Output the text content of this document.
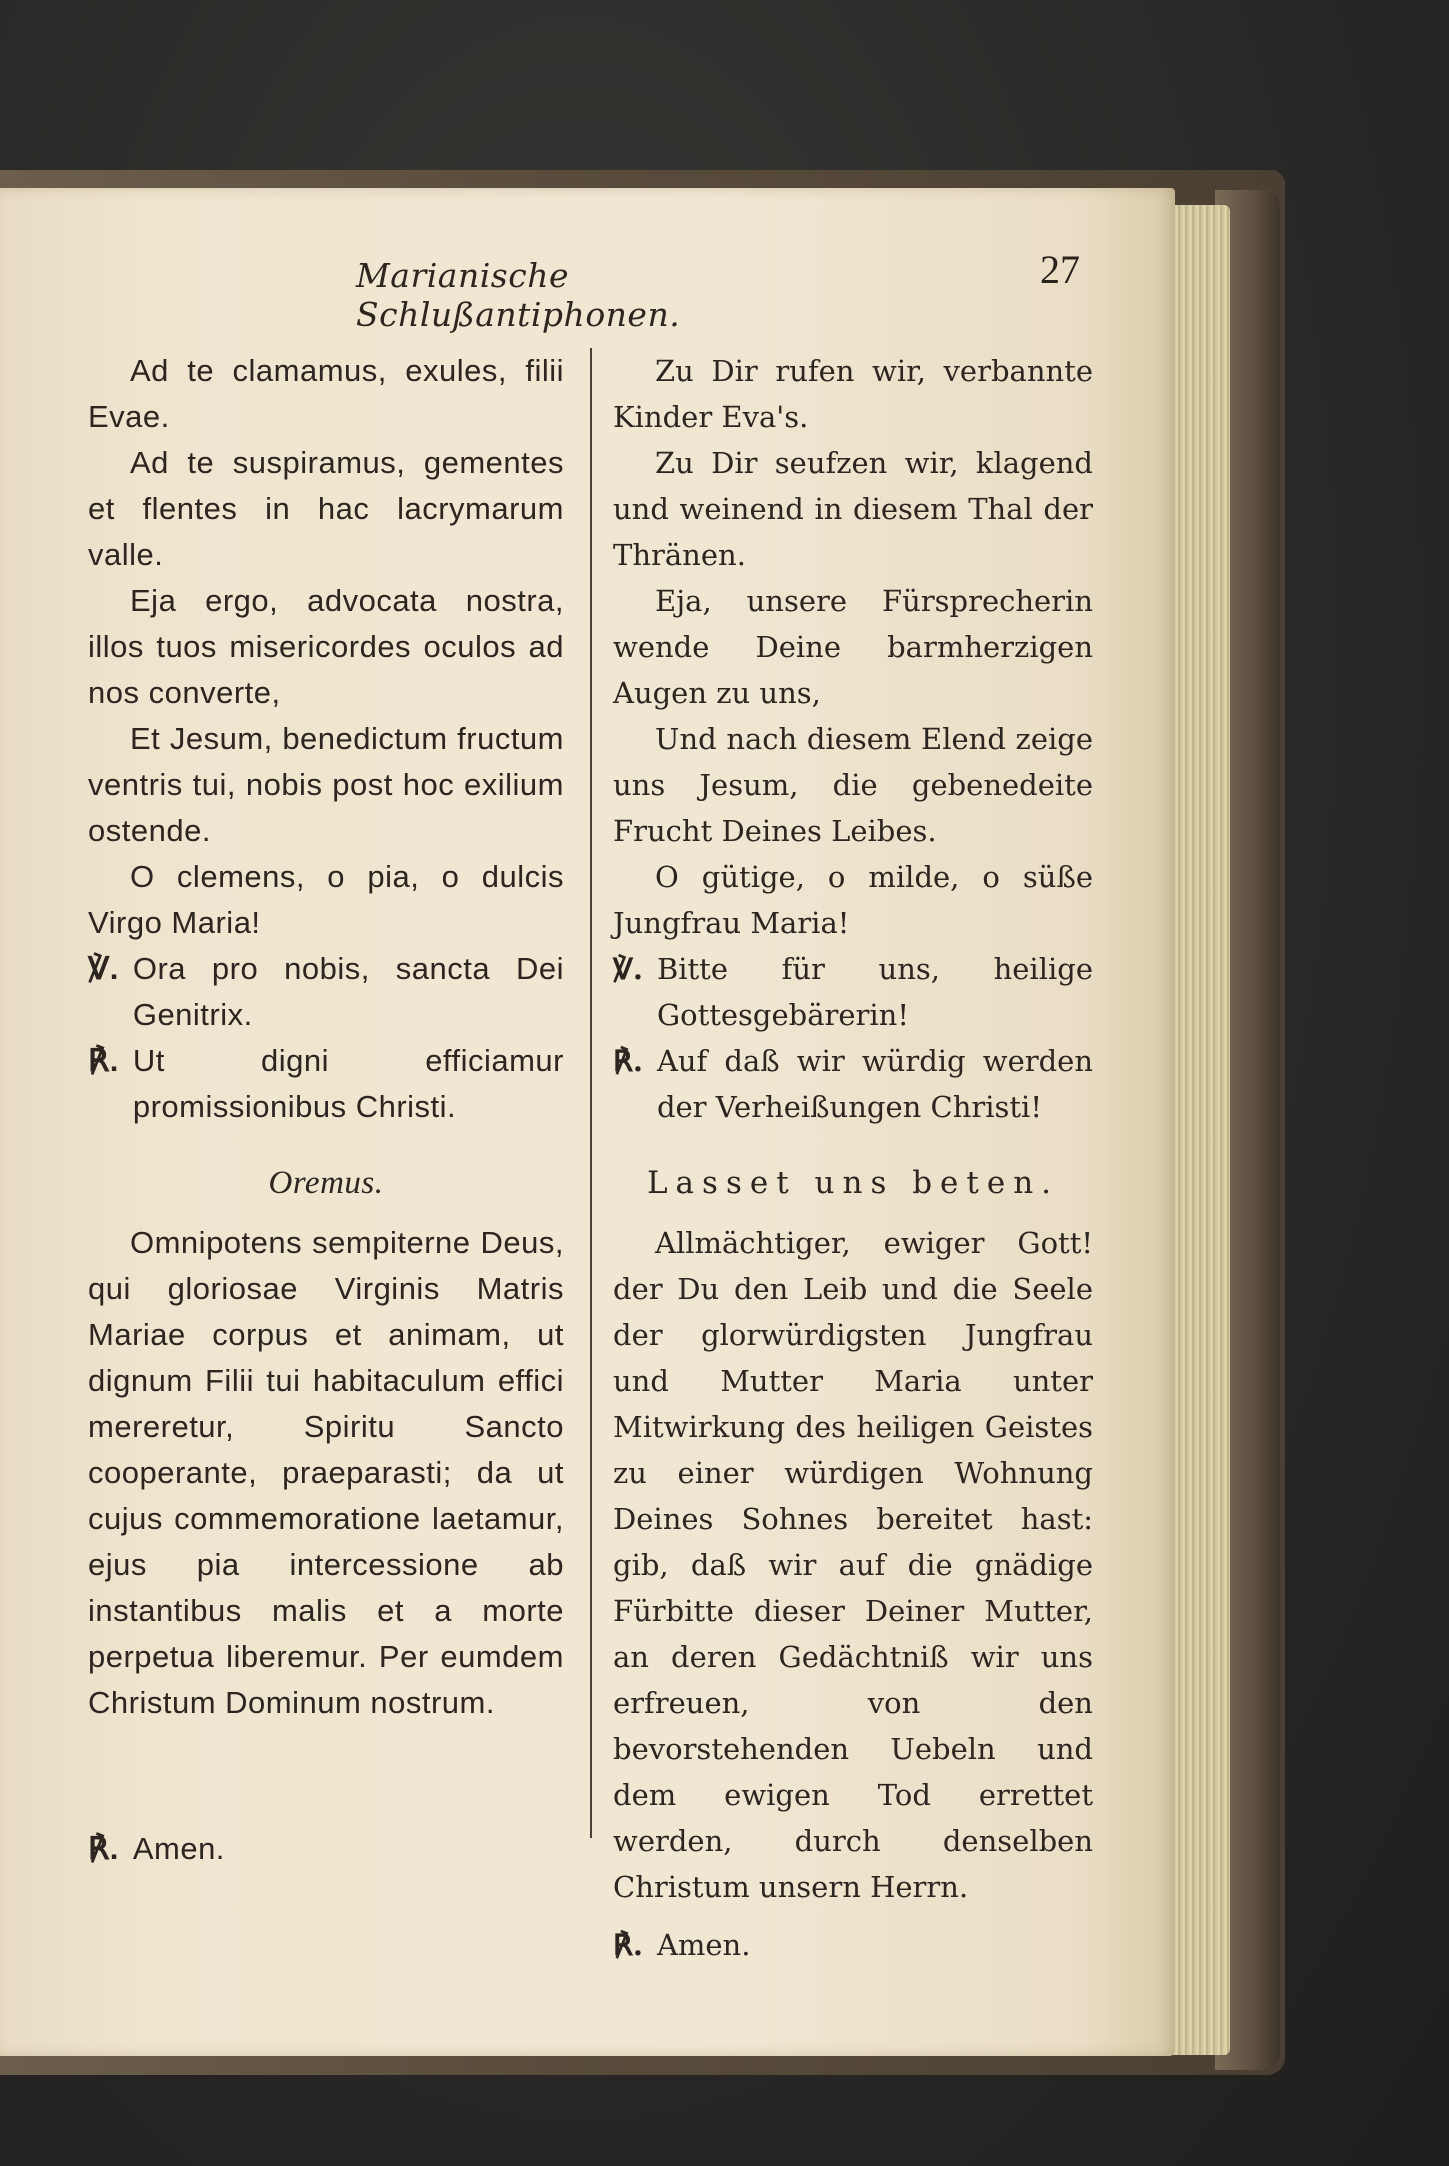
Marianische Schlußantiphonen.
27

Ad te clamamus, exules, filii Evae.

Ad te suspiramus, gementes et flentes in hac lacrymarum valle.

Eja ergo, advocata nostra, illos tuos misericordes oculos ad nos converte,

Et Jesum, benedictum fructum ventris tui, nobis post hoc exilium ostende.

O clemens, o pia, o dulcis Virgo Maria!

℣. Ora pro nobis, sancta Dei Genitrix.
℟. Ut digni efficiamur promissionibus Christi.
Oremus.

Omnipotens sempiterne Deus, qui gloriosae Virginis Matris Mariae corpus et animam, ut dignum Filii tui habitaculum effici mereretur, Spiritu Sancto cooperante, praeparasti; da ut cujus commemoratione laetamur, ejus pia intercessione ab instantibus malis et a morte perpetua liberemur. Per eumdem Christum Dominum nostrum.

℟. Amen.

Zu Dir rufen wir, verbannte Kinder Eva's.

Zu Dir seufzen wir, klagend und weinend in diesem Thal der Thränen.

Eja, unsere Fürsprecherin wende Deine barmherzigen Augen zu uns,

Und nach diesem Elend zeige uns Jesum, die gebenedeite Frucht Deines Leibes.

O gütige, o milde, o süße Jungfrau Maria!

℣. Bitte für uns, heilige Gottesgebärerin!
℟. Auf daß wir würdig werden der Verheißungen Christi!
Lasset uns beten.

Allmächtiger, ewiger Gott! der Du den Leib und die Seele der glorwürdigsten Jungfrau und Mutter Maria unter Mitwirkung des heiligen Geistes zu einer würdigen Wohnung Deines Sohnes bereitet hast: gib, daß wir auf die gnädige Fürbitte dieser Deiner Mutter, an deren Gedächtniß wir uns erfreuen, von den bevorstehenden Uebeln und dem ewigen Tod errettet werden, durch denselben Christum unsern Herrn.

℟. Amen.
